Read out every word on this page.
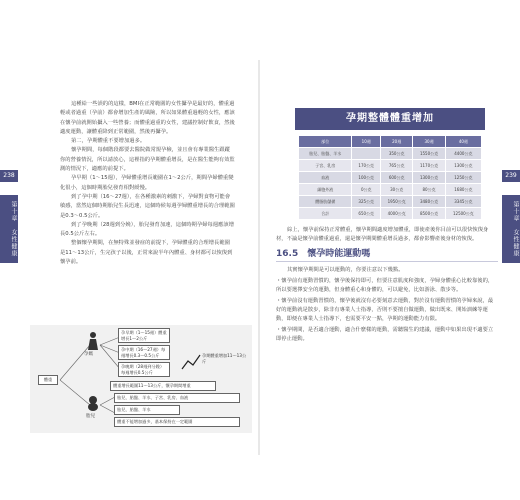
238
第十章　女性健康
239
第十章　女性健康

這種給一些誤的的這樣，BMI在正常範圍的女性攝孕是最好的，體重過輕或者過重（孕前）都會增加生產的風險，所以如果體重過輕的女性，應該在懷孕前就開始攝入一些營養；而體重過重的女性，建議控制好飲食，然後適度運動，讓體重降到正常範圍，然後再攝孕。

第二，孕期體重不要增加過多。

懷孕期間，每個階段都要去醫院做常規孕檢，並且會有專業醫生跟蹤你的營養情況，所以請放心，這裡指的孕期體重增長，是在醫生能夠有效監測的情況下，適應的前提下。

孕早期（1～15週），孕婦體重增長範圍在1～2公斤，期間孕婦體重變化很小，這個時期胎兒發育相對緩慢。

到了孕中期（16～27週），在各種激素的刺激下，孕婦對食物可能會敏感，當然這個時期胎兒生長迅速，這個時候每週孕婦體重增長的合理範圍是0.3～0.5公斤。

到了孕晚期（28週到分娩），胎兒發育加速，這個時期孕婦每週應該增長0.5公斤左右。

整個懷孕期間，在無特殊並發症的前提下，孕婦體重的合理增長範圍是11～13公斤，生完孩子以後，正常來說半年內體重、身材都可以恢復到懷孕前。

體重
孕媽
胎兒
孕早期（1～15週）體重增長1～2公斤
孕中期（16～27週）每週增長0.3～0.5公斤
孕晚期（28週到分娩）每週增長0.5公斤
孕期體重增加11～13公斤
體重增長範圍11～13公斤，懷孕期間增重
胎兒、胎盤、羊水、子宮、乳房、血液
胎兒、胎盤、羊水
體重不能增加過多，基本保持在一定範圍
孕期整體體重增加
部位	10週	20週	30週	40週
胎兒、胎盤、羊水		350公克	1550公克	4400公克
子宮、乳房	170公克	765公克	1170公克	1300公克
血液	100公克	600公克	1300公克	1250公克
細胞外液	0公克	30公克	80公克	1680公克
體脂肪儲備	325公克	1950公克	3480公克	3345公克
合計	650公克	4000公克	8500公克	12500公克
16.5　懷孕時能運動嗎

綜上，懷孕前保持正常體重，懷孕期間適度增加體重，即使產後你目前可以很快恢復身材，不論是懷孕前體重過重，還是懷孕期間體重增長過多，都會影響產後身材的恢復。

其實懷孕期間是可以運動的，你要注意以下幾點。

・懷孕前有運動習慣的，懷孕後保持即可，但要注意肌度和強度，孕婦身體重心比較靠後的，所以要選擇安全的運動，但身體重心和身體的，可以避免，比如游泳、散步等。

・懷孕前沒有運動習慣的，懷孕後就沒有必要刻意去運動，對於沒有運動習慣的孕婦來說，最好的運動就是散步，除非有專業人士指導，否則不要擅自做運動，做出既來、開始訓練等運動，即便在專業人士指導下，也需要平安一點，孕期的運動能力有限。

・懷孕期間，是否適合運動，適合什麼樣的運動，需聽醫生的建議，運動中如果出現不適要立即停止運動。
